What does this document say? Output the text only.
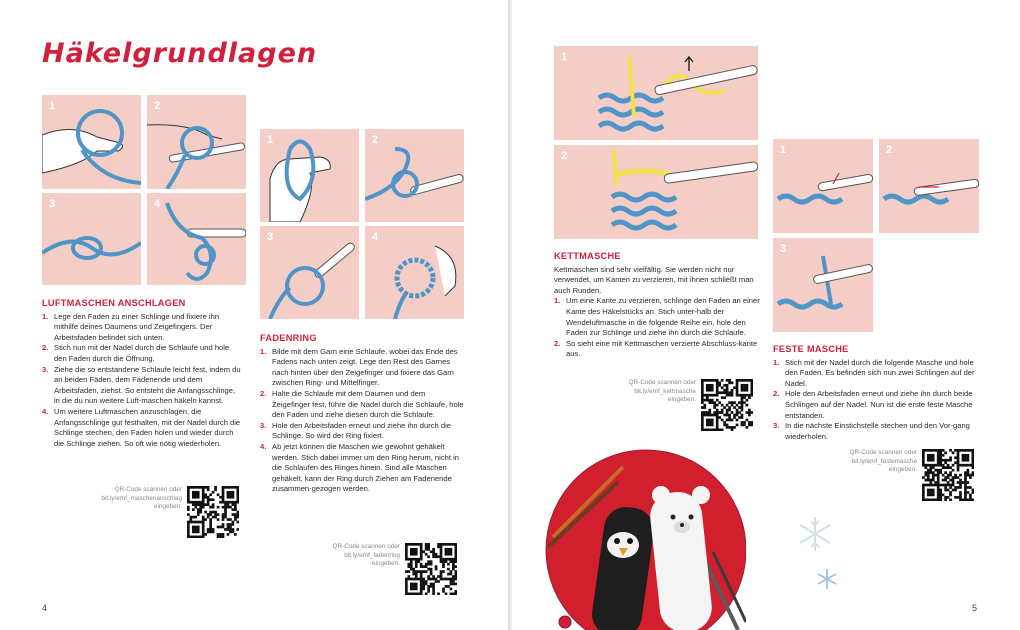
Häkelgrundlagen
1	2
3	4
1	2
3	4
1
2	1	2
3
LUFTMASCHEN ANSCHLAGEN
1. Lege den Faden zu einer Schlinge und fixiere ihn mithilfe deines Daumens und Zeigefingers. Der Arbeitsfaden befindet sich unten.
2. Stich nun mit der Nadel durch die Schlaufe und hole den Faden durch die Öffnung.
3. Ziehe die so entstandene Schlaufe leicht fest, indem du an beiden Fäden, dem Fadenende und dem Arbeitsfaden, ziehst. So entsteht die Anfangsschlinge, in die du nun weitere Luft-maschen häkeln kannst.
4. Um weitere Luftmaschen anzuschlagen, die Anfangsschlinge gut festhalten, mit der Nadel durch die Schlinge stechen, den Faden holen und wieder durch die Schlinge ziehen. So oft wie nötig wiederholen.
QR-Code scannen oder bit.ly/emf_maschenanschlag eingeben.
FADENRING
1. Bilde mit dem Garn eine Schlaufe, wobei das Ende des Fadens nach unten zeigt. Lege den Rest des Garnes nach hinten über den Zeigefinger und fixiere das Garn zwischen Ring- und Mittelfinger.
2. Halte die Schlaufe mit dem Daumen und dem Zeigefinger fest, führe die Nadel durch die Schlaufe, hole den Faden und ziehe diesen durch die Schlaufe.
3. Hole den Arbeitsfaden erneut und ziehe ihn durch die Schlinge. So wird der Ring fixiert.
4. Ab jetzt können die Maschen wie gewohnt gehäkelt werden. Stich dabei immer um den Ring herum, nicht in die Schlaufen des Ringes hinein. Sind alle Maschen gehäkelt, kann der Ring durch Ziehen am Fadenende zusammen-gezogen werden.
QR-Code scannen oder bit.ly/emf_fadenring eingeben.
KETTMASCHE

Kettmaschen sind sehr vielfältig. Sie werden nicht nur verwendet, um Kanten zu verzieren, mit ihnen schließt man auch Runden.

1. Um eine Kante zu verzieren, schlinge den Faden an einer Kante des Häkelstücks an. Stich unter-halb der Wendeluftmasche in die folgende Reihe ein, hole den Faden zur Schlinge und ziehe ihn durch die Schlaufe.
2. So sieht eine mit Kettmaschen verzierte Abschluss-kante aus.
QR-Code scannen oder bit.ly/emf_kettmasche eingeben.
FESTE MASCHE
1. Stich mit der Nadel durch die folgende Masche und hole den Faden. Es befinden sich nun zwei Schlingen auf der Nadel.
2. Hole den Arbeitsfaden erneut und ziehe ihn durch beide Schlingen auf der Nadel. Nun ist die erste feste Masche entstanden.
3. In die nächste Einstichstelle stechen und den Vor-gang wiederholen.
QR-Code scannen oder bit.ly/emf_festemasche eingeben.
4	5
